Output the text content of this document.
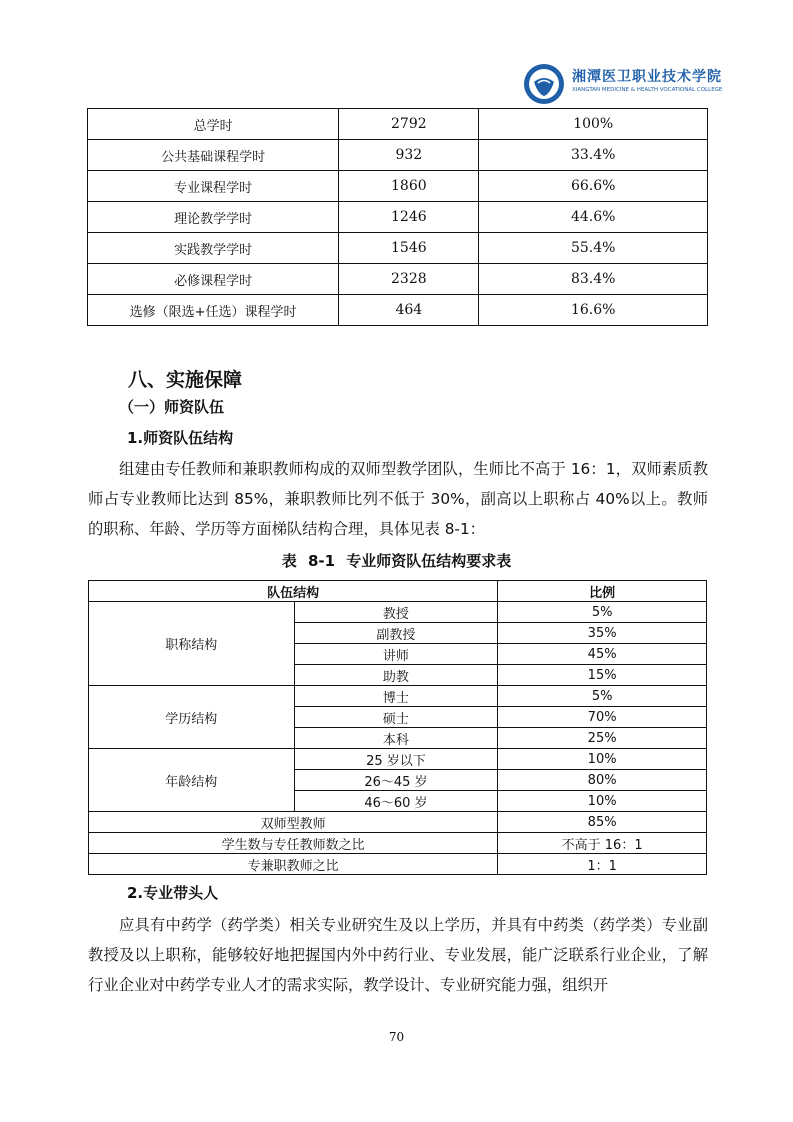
湘潭医卫职业技术学院
XIANGTAN MEDICINE & HEALTH VOCATIONAL COLLEGE
总学时	2792	100%
公共基础课程学时	932	33.4%
专业课程学时	1860	66.6%
理论教学学时	1246	44.6%
实践教学学时	1546	55.4%
必修课程学时	2328	83.4%
选修（限选+任选）课程学时	464	16.6%
八、实施保障
（一）师资队伍
1.师资队伍结构
组建由专任教师和兼职教师构成的双师型教学团队，生师比不高于 16：1，双师素质教师占专业教师比达到 85%，兼职教师比列不低于 30%，副高以上职称占 40%以上。教师的职称、年龄、学历等方面梯队结构合理，具体见表 8-1：
表 8-1 专业师资队伍结构要求表
队伍结构		比例
职称结构	教授	5%
	副教授	35%
	讲师	45%
	助教	15%
学历结构	博士	5%
	硕士	70%
	本科	25%
年龄结构	25 岁以下	10%
	26～45 岁	80%
	46～60 岁	10%
双师型教师		85%
学生数与专任教师数之比		不高于 16：1
专兼职教师之比		1：1
2.专业带头人
应具有中药学（药学类）相关专业研究生及以上学历，并具有中药类（药学类）专业副教授及以上职称，能够较好地把握国内外中药行业、专业发展，能广泛联系行业企业，了解行业企业对中药学专业人才的需求实际，教学设计、专业研究能力强，组织开
70
